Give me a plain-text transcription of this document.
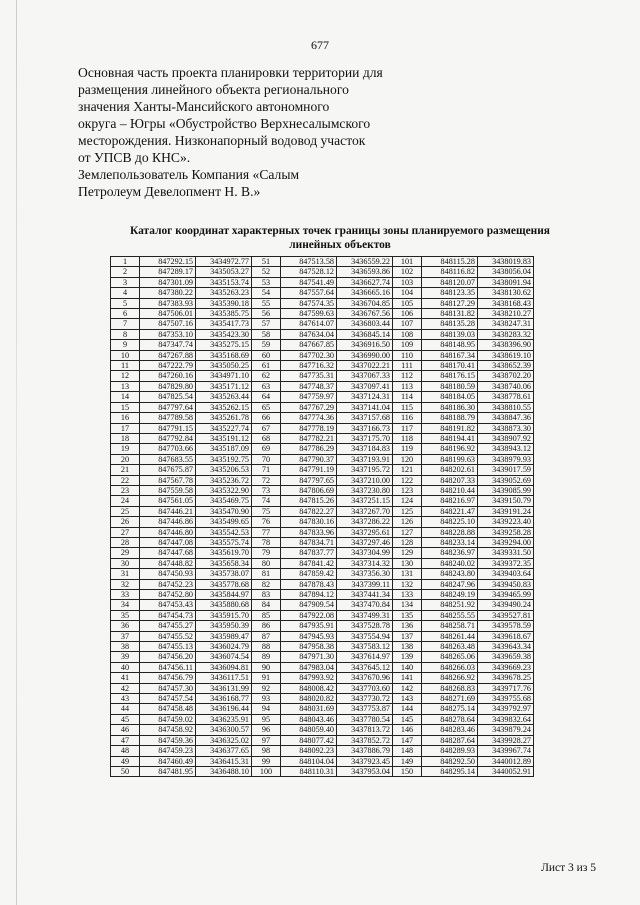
677
Основная часть проекта планировки территории для
размещения линейного объекта регионального
значения Ханты-Мансийского автономного
округа – Югры «Обустройство Верхнесалымского
месторождения. Низконапорный водовод участок
от УПСВ до КНС».
Землепользователь Компания «Салым
Петролеум Девелопмент Н. В.»
Каталог координат характерных точек границы зоны планируемого размещения
линейных объектов
1	847292.15	3434972.77	51	847513.58	3436559.22	101	848115.28	3438019.83
2	847289.17	3435053.27	52	847528.12	3436593.86	102	848116.82	3438056.04
3	847301.09	3435153.74	53	847541.49	3436627.74	103	848120.07	3438091.94
4	847380.22	3435263.23	54	847557.64	3436665.16	104	848123.35	3438130.62
5	847383.93	3435390.18	55	847574.35	3436704.85	105	848127.29	3438168.43
6	847506.01	3435385.75	56	847599.63	3436767.56	106	848131.82	3438210.27
7	847507.16	3435417.73	57	847614.07	3436803.44	107	848135.28	3438247.31
8	847353.10	3435423.30	58	847634.04	3436845.14	108	848139.03	3438283.32
9	847347.74	3435275.15	59	847667.85	3436916.50	109	848148.95	3438396.90
10	847267.88	3435168.69	60	847702.30	3436990.00	110	848167.34	3438619.10
11	847222.79	3435050.25	61	847716.32	3437022.21	111	848170.41	3438652.39
12	847260.16	3434971.10	62	847735.31	3437067.33	112	848176.15	3438702.20
13	847829.80	3435171.12	63	847748.37	3437097.41	113	848180.59	3438740.06
14	847825.54	3435263.44	64	847759.97	3437124.31	114	848184.05	3438778.61
15	847797.64	3435262.15	65	847767.29	3437141.04	115	848186.30	3438810.55
16	847789.58	3435261.78	66	847774.36	3437157.68	116	848188.79	3438847.36
17	847791.15	3435227.74	67	847778.19	3437166.73	117	848191.82	3438873.30
18	847792.84	3435191.12	68	847782.21	3437175.70	118	848194.41	3438907.92
19	847703.66	3435187.09	69	847786.29	3437184.83	119	848196.92	3438943.12
20	847683.55	3435192.75	70	847790.37	3437193.91	120	848199.63	3438979.93
21	847675.87	3435206.53	71	847791.19	3437195.72	121	848202.61	3439017.59
22	847567.78	3435236.72	72	847797.65	3437210.00	122	848207.33	3439052.69
23	847559.58	3435322.90	73	847806.69	3437230.80	123	848210.44	3439085.99
24	847561.05	3435469.75	74	847815.26	3437251.15	124	848216.97	3439150.79
25	847446.21	3435470.90	75	847822.27	3437267.70	125	848221.47	3439191.24
26	847446.86	3435499.65	76	847830.16	3437286.22	126	848225.10	3439223.40
27	847446.80	3435542.53	77	847833.96	3437295.61	127	848228.88	3439258.28
28	847447.08	3435575.74	78	847834.71	3437297.46	128	848233.14	3439294.00
29	847447.68	3435619.70	79	847837.77	3437304.99	129	848236.97	3439331.50
30	847448.82	3435658.34	80	847841.42	3437314.32	130	848240.02	3439372.35
31	847450.93	3435738.07	81	847859.42	3437356.30	131	848243.80	3439403.64
32	847452.23	3435778.68	82	847878.43	3437399.11	132	848247.96	3439450.83
33	847452.80	3435844.97	83	847894.12	3437441.34	133	848249.19	3439465.99
34	847453.43	3435880.68	84	847909.54	3437470.84	134	848251.92	3439490.24
35	847454.73	3435915.70	85	847922.08	3437499.31	135	848255.55	3439527.81
36	847455.27	3435950.39	86	847935.91	3437528.78	136	848258.71	3439578.59
37	847455.52	3435989.47	87	847945.93	3437554.94	137	848261.44	3439618.67
38	847455.13	3436024.79	88	847958.38	3437583.12	138	848263.48	3439643.34
39	847456.20	3436074.54	89	847971.30	3437614.97	139	848265.06	3439659.38
40	847456.11	3436094.81	90	847983.04	3437645.12	140	848266.03	3439669.23
41	847456.79	3436117.51	91	847993.92	3437670.96	141	848266.92	3439678.25
42	847457.30	3436131.99	92	848008.42	3437703.60	142	848268.83	3439717.76
43	847457.54	3436168.77	93	848020.82	3437730.72	143	848271.69	3439755.68
44	847458.48	3436196.44	94	848031.69	3437753.87	144	848275.14	3439792.97
45	847459.02	3436235.91	95	848043.46	3437780.54	145	848278.64	3439832.64
46	847458.92	3436300.57	96	848059.40	3437813.72	146	848283.46	3439879.24
47	847459.36	3436325.02	97	848077.42	3437852.72	147	848287.64	3439928.27
48	847459.23	3436377.65	98	848092.23	3437886.79	148	848289.93	3439967.74
49	847460.49	3436415.31	99	848104.04	3437923.45	149	848292.50	3440012.89
50	847481.95	3436488.10	100	848110.31	3437953.04	150	848295.14	3440052.91
Лист 3 из 5
